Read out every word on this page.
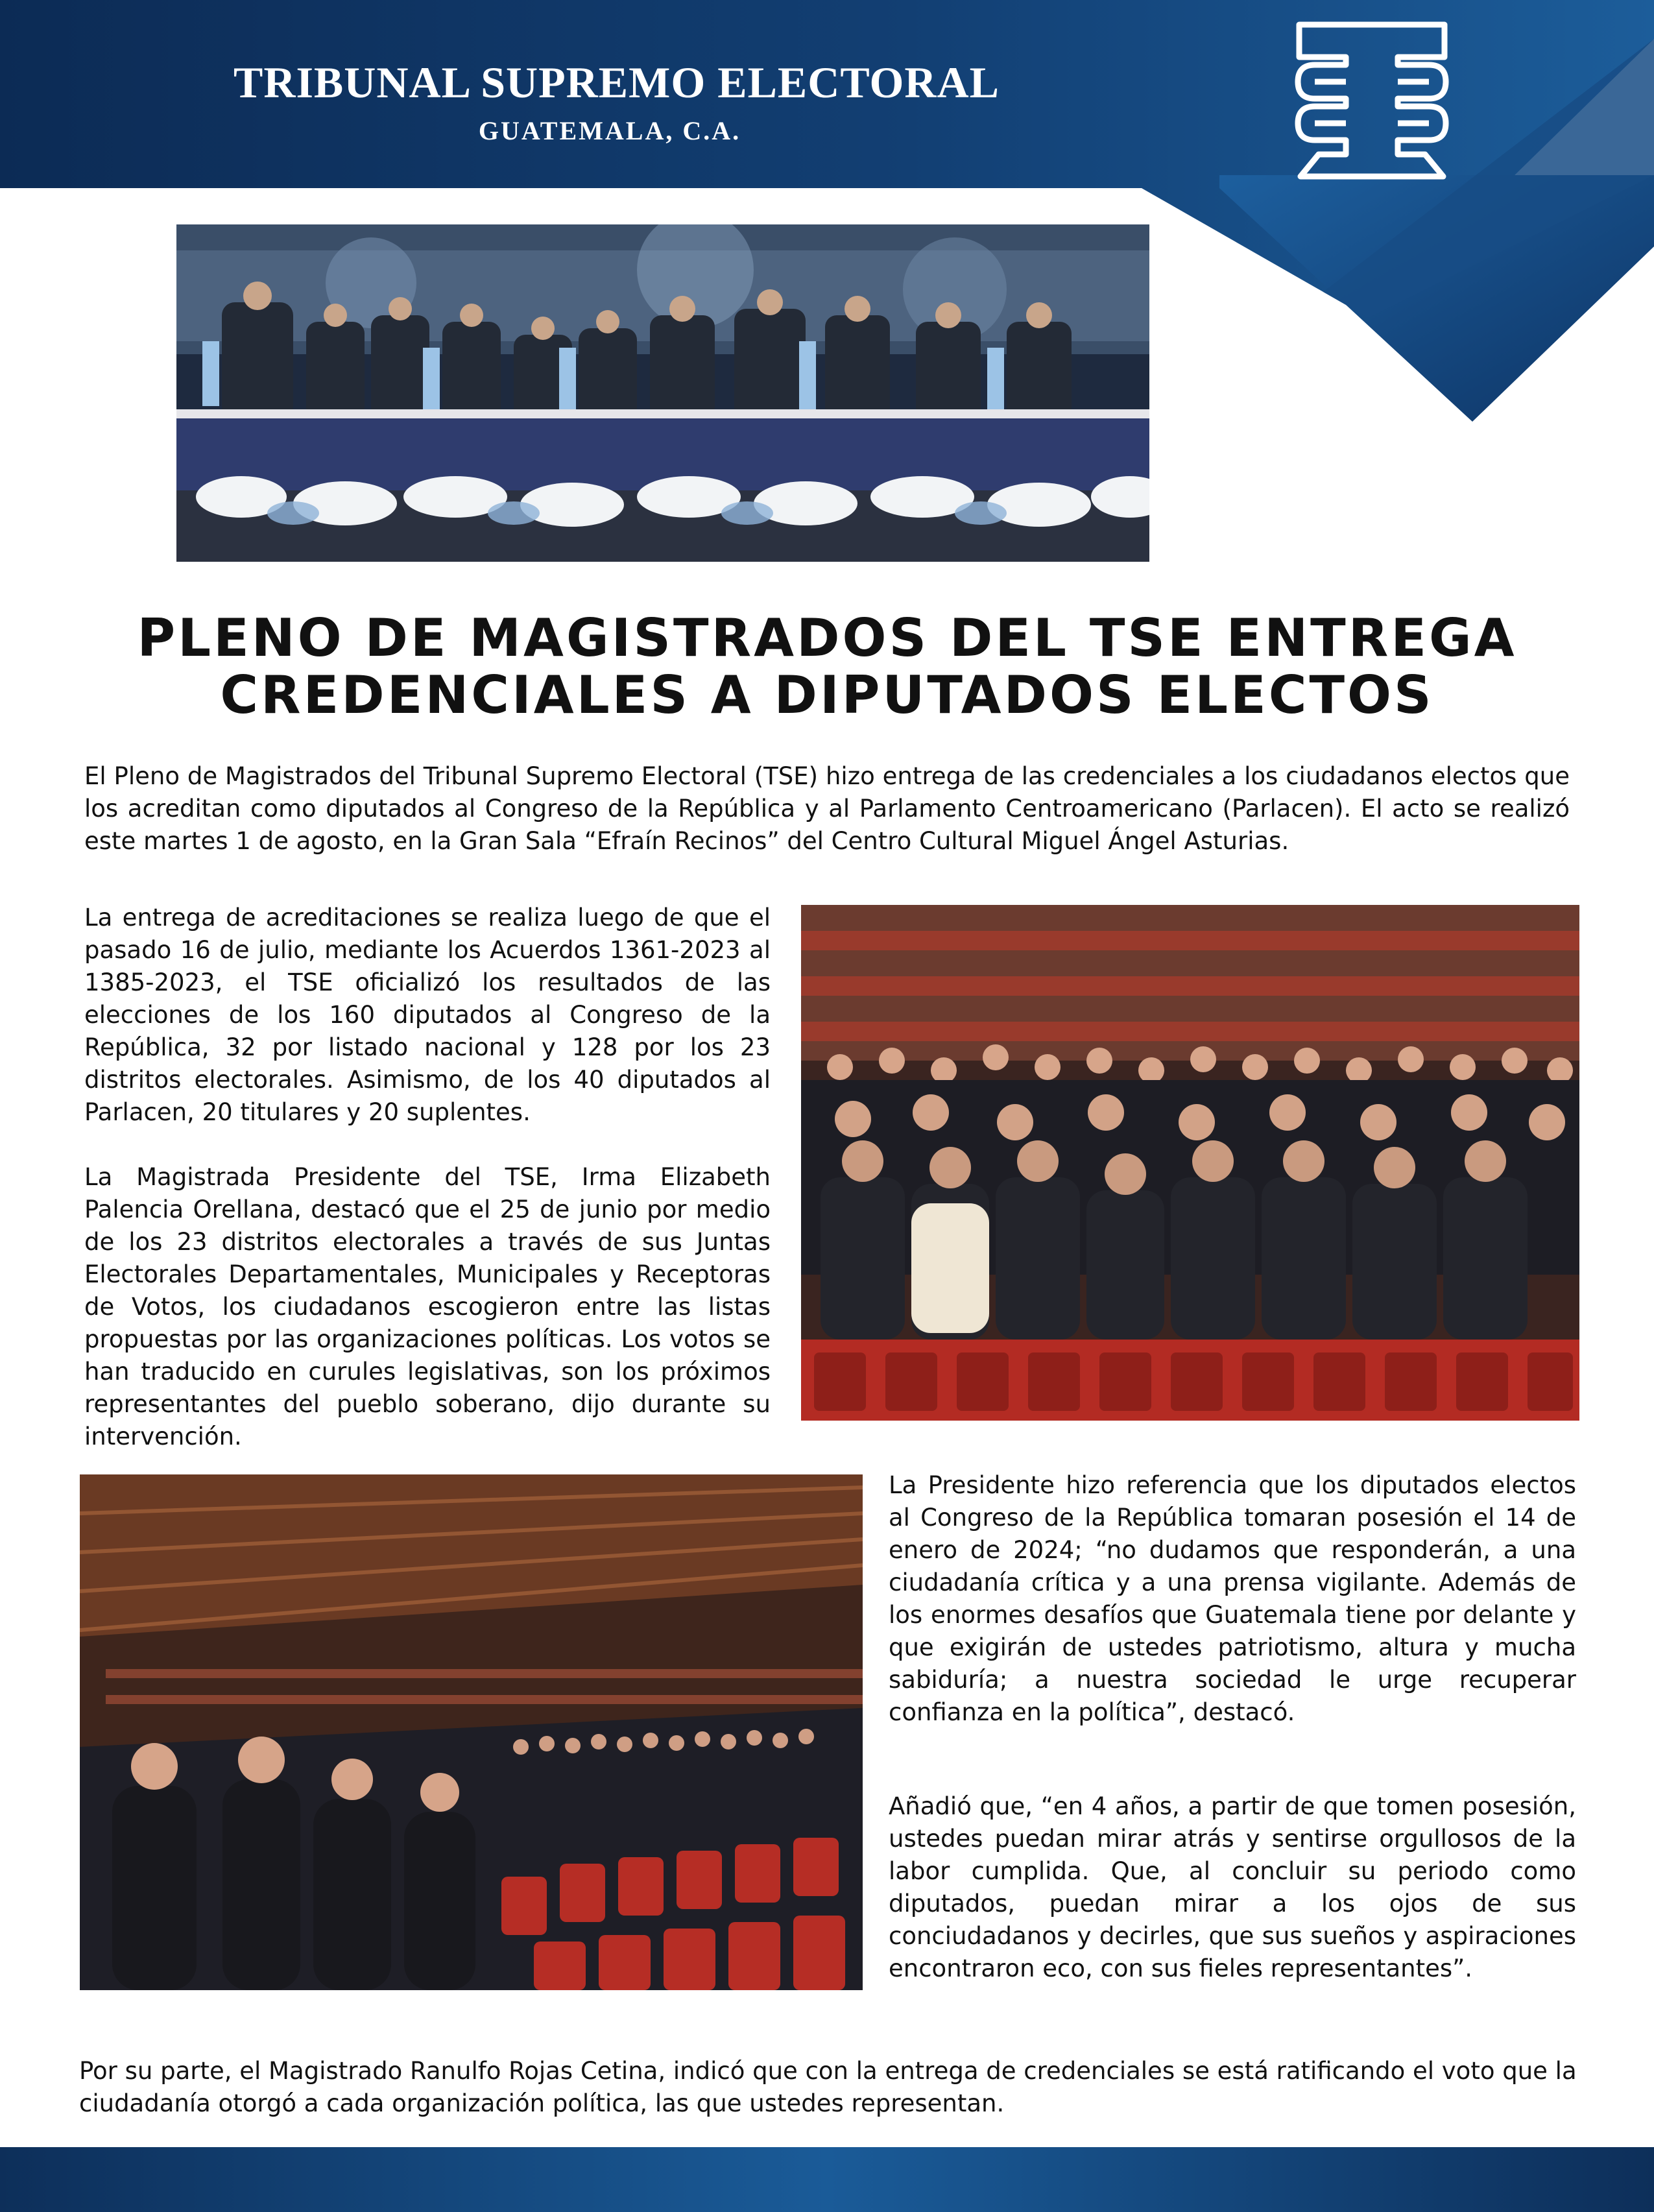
TRIBUNAL SUPREMO ELECTORAL
GUATEMALA, C.A.
PLENO DE MAGISTRADOS DEL TSE ENTREGA
CREDENCIALES A DIPUTADOS ELECTOS
El Pleno de Magistrados del Tribunal Supremo Electoral (TSE) hizo entrega de las credenciales a los ciudadanos electos que los acreditan como diputados al Congreso de la República y al Parlamento Centroamericano (Parlacen). El acto se realizó este martes 1 de agosto, en la Gran Sala “Efraín Recinos” del Centro Cultural Miguel Ángel Asturias.
La entrega de acreditaciones se realiza luego de que el pasado 16 de julio, mediante los Acuerdos 1361-2023 al 1385-2023, el TSE oficializó los resultados de las elecciones de los 160 diputados al Congreso de la República, 32 por listado nacional y 128 por los 23 distritos electorales. Asimismo, de los 40 diputados al Parlacen, 20 titulares y 20 suplentes.
La Magistrada Presidente del TSE, Irma Elizabeth Palencia Orellana, destacó que el 25 de junio por medio de los 23 distritos electorales a través de sus Juntas Electorales Departamentales, Municipales y Receptoras de Votos, los ciudadanos escogieron entre las listas propuestas por las organizaciones políticas. Los votos se han traducido en curules legislativas, son los próximos representantes del pueblo soberano, dijo durante su intervención.
La Presidente hizo referencia que los diputados electos al Congreso de la República tomaran posesión el 14 de enero de 2024; “no dudamos que responderán, a una ciudadanía crítica y a una prensa vigilante. Además de los enormes desafíos que Guatemala tiene por delante y que exigirán de ustedes patriotismo, altura y mucha sabiduría; a nuestra sociedad le urge recuperar confianza en la política”, destacó.
Añadió que, “en 4 años, a partir de que tomen posesión, ustedes puedan mirar atrás y sentirse orgullosos de la labor cumplida. Que, al concluir su periodo como diputados, puedan mirar a los ojos de sus conciudadanos y decirles, que sus sueños y aspiraciones encontraron eco, con sus fieles representantes”.
Por su parte, el Magistrado Ranulfo Rojas Cetina, indicó que con la entrega de credenciales se está ratificando el voto que la ciudadanía otorgó a cada organización política, las que ustedes representan.
